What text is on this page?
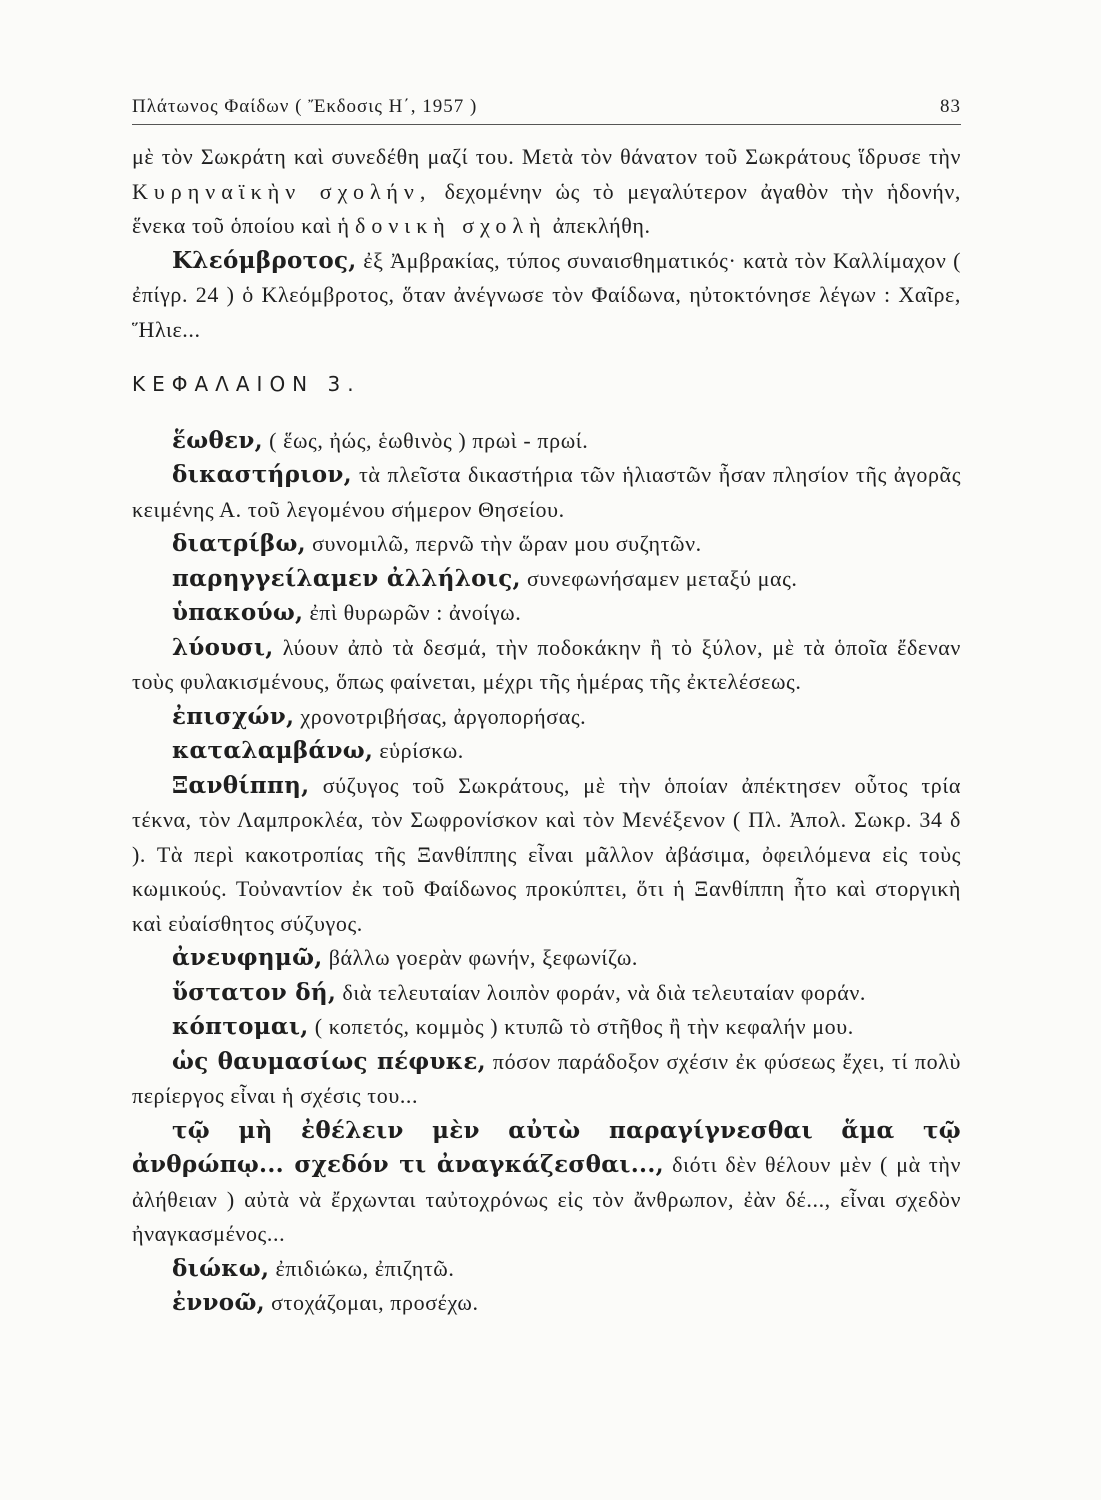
Πλάτωνος Φαίδων ( Ἔκδοσις Η΄, 1957 )	83

μὲ τὸν Σωκράτη καὶ συνεδέθη μαζί του. Μετὰ τὸν θάνατον τοῦ Σωκράτους ἵδρυσε τὴν Κυρηναϊκὴν σχολήν, δεχομένην ὡς τὸ μεγαλύτερον ἀγαθὸν τὴν ἡδονήν, ἕνεκα τοῦ ὁποίου καὶ ἡδονικὴ σχολὴ ἀπεκλήθη.

Κλεόμβροτος, ἐξ Ἀμβρακίας, τύπος συναισθηματικός· κατὰ τὸν Καλλίμαχον ( ἐπίγρ. 24 ) ὁ Κλεόμβροτος, ὅταν ἀνέγνωσε τὸν Φαίδωνα, ηὐτοκτόνησε λέγων : Χαῖρε, Ἥλιε...

ΚΕΦΑΛΑΙΟΝ 3.

ἕωθεν, ( ἕως, ἠώς, ἑωθινὸς ) πρωὶ - πρωί.

δικαστήριον, τὰ πλεῖστα δικαστήρια τῶν ἡλιαστῶν ἦσαν πλησίον τῆς ἀγορᾶς κειμένης Α. τοῦ λεγομένου σήμερον Θησείου.

διατρίβω, συνομιλῶ, περνῶ τὴν ὥραν μου συζητῶν.

παρηγγείλαμεν ἀλλήλοις, συνεφωνήσαμεν μεταξύ μας.

ὑπακούω, ἐπὶ θυρωρῶν : ἀνοίγω.

λύουσι, λύουν ἀπὸ τὰ δεσμά, τὴν ποδοκάκην ἢ τὸ ξύλον, μὲ τὰ ὁποῖα ἔδεναν τοὺς φυλακισμένους, ὅπως φαίνεται, μέχρι τῆς ἡμέρας τῆς ἐκτελέσεως.

ἐπισχών, χρονοτριβήσας, ἀργοπορήσας.

καταλαμβάνω, εὑρίσκω.

Ξανθίππη, σύζυγος τοῦ Σωκράτους, μὲ τὴν ὁποίαν ἀπέκτησεν οὗτος τρία τέκνα, τὸν Λαμπροκλέα, τὸν Σωφρονίσκον καὶ τὸν Μενέξενον ( Πλ. Ἀπολ. Σωκρ. 34 δ ). Τὰ περὶ κακοτροπίας τῆς Ξανθίππης εἶναι μᾶλλον ἀβάσιμα, ὀφειλόμενα εἰς τοὺς κωμικούς. Τοὐναντίον ἐκ τοῦ Φαίδωνος προκύπτει, ὅτι ἡ Ξανθίππη ἦτο καὶ στοργικὴ καὶ εὐαίσθητος σύζυγος.

ἀνευφημῶ, βάλλω γοερὰν φωνήν, ξεφωνίζω.

ὕστατον δή, διὰ τελευταίαν λοιπὸν φοράν, νὰ διὰ τελευταίαν φοράν.

κόπτομαι, ( κοπετός, κομμὸς ) κτυπῶ τὸ στῆθος ἢ τὴν κεφαλήν μου.

ὡς θαυμασίως πέφυκε, πόσον παράδοξον σχέσιν ἐκ φύσεως ἔχει, τί πολὺ περίεργος εἶναι ἡ σχέσις του...

τῷ μὴ ἐθέλειν μὲν αὐτὼ παραγίγνεσθαι ἅμα τῷ ἀνθρώπῳ... σχεδόν τι ἀναγκάζεσθαι..., διότι δὲν θέλουν μὲν ( μὰ τὴν ἀλήθειαν ) αὐτὰ νὰ ἔρχωνται ταὐτοχρόνως εἰς τὸν ἄνθρωπον, ἐὰν δέ..., εἶναι σχεδὸν ἠναγκασμένος...

διώκω, ἐπιδιώκω, ἐπιζητῶ.

ἐννοῶ, στοχάζομαι, προσέχω.
